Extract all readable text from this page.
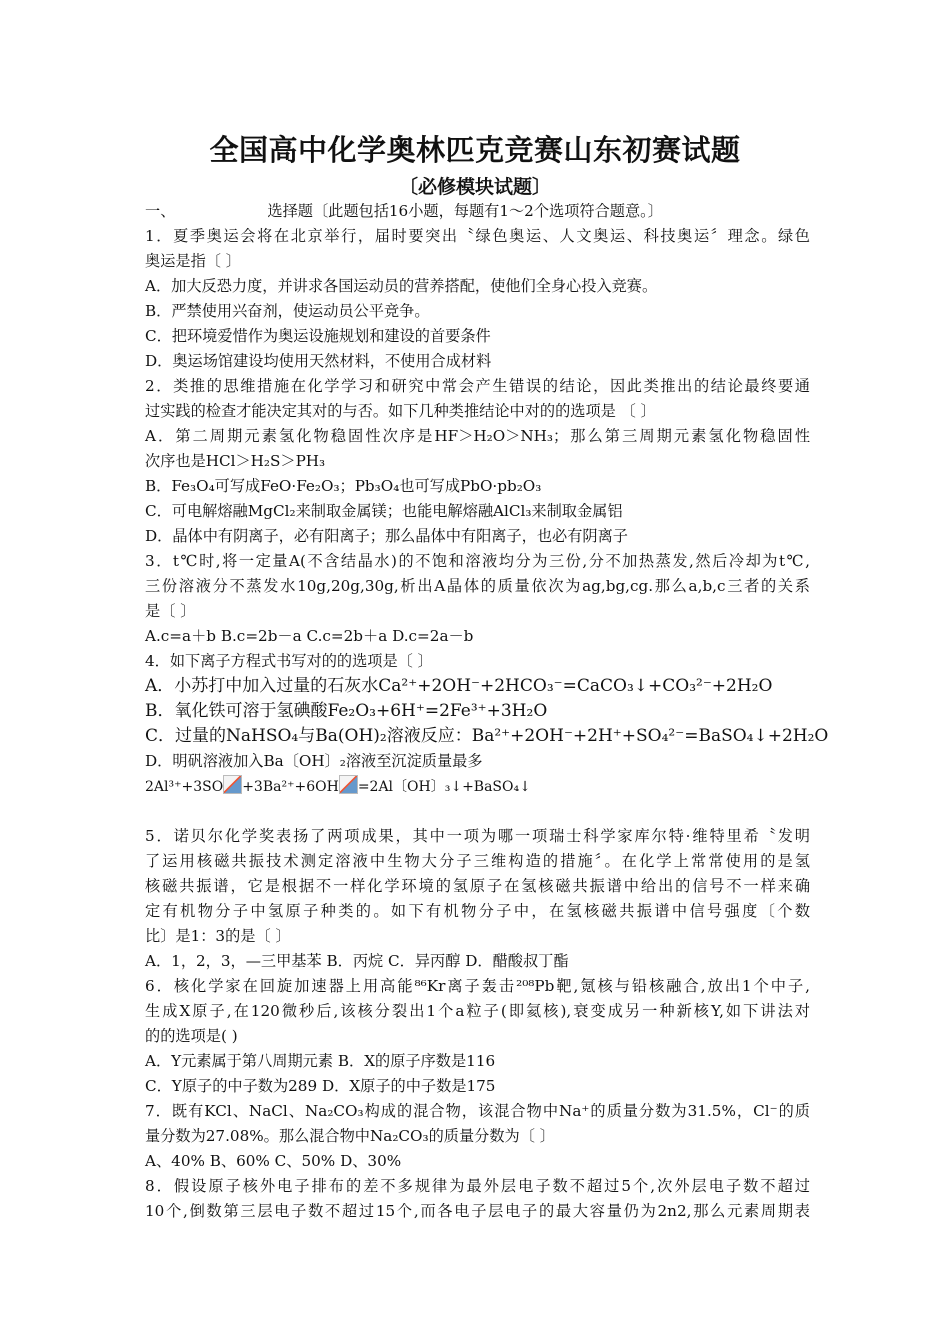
全国高中化学奥林匹克竞赛山东初赛试题
〔必修模块试题〕
一、	选择题〔此题包括16小题，每题有1～2个选项符合题意。〕
1．夏季奥运会将在北京举行，届时要突出〝绿色奥运、人文奥运、科技奥运〞理念。绿色
奥运是指〔 〕
A．加大反恐力度，并讲求各国运动员的营养搭配，使他们全身心投入竞赛。
B．严禁使用兴奋剂，使运动员公平竞争。
C．把环境爱惜作为奥运设施规划和建设的首要条件
D．奥运场馆建设均使用天然材料，不使用合成材料
2．类推的思维措施在化学学习和研究中常会产生错误的结论，因此类推出的结论最终要通
过实践的检查才能决定其对的与否。如下几种类推结论中对的的选项是 〔 〕
A．第二周期元素氢化物稳固性次序是HF＞H₂O＞NH₃；那么第三周期元素氢化物稳固性
次序也是HCl＞H₂S＞PH₃
B．Fe₃O₄可写成FeO·Fe₂O₃；Pb₃O₄也可写成PbO·pb₂O₃
C．可电解熔融MgCl₂来制取金属镁；也能电解熔融AlCl₃来制取金属铝
D．晶体中有阴离子，必有阳离子；那么晶体中有阳离子，也必有阴离子
3．t℃时,将一定量A(不含结晶水)的不饱和溶液均分为三份,分不加热蒸发,然后冷却为t℃,
三份溶液分不蒸发水10g,20g,30g,析出A晶体的质量依次为ag,bg,cg.那么a,b,c三者的关系
是〔 〕
A.c=a＋b B.c=2b－a C.c=2b＋a D.c=2a－b
4．如下离子方程式书写对的的选项是〔 〕
A．小苏打中加入过量的石灰水Ca²⁺+2OH⁻+2HCO₃⁻=CaCO₃↓+CO₃²⁻+2H₂O
B．氧化铁可溶于氢碘酸Fe₂O₃+6H⁺=2Fe³⁺+3H₂O
C．过量的NaHSO₄与Ba(OH)₂溶液反应：Ba²⁺+2OH⁻+2H⁺+SO₄²⁻=BaSO₄↓+2H₂O
D．明矾溶液加入Ba〔OH〕₂溶液至沉淀质量最多
2Al³⁺+3SO +3Ba²⁺+6OH =2Al〔OH〕₃↓+BaSO₄↓
5．诺贝尔化学奖表扬了两项成果，其中一项为哪一项瑞士科学家库尔特·维特里希〝发明
了运用核磁共振技术测定溶液中生物大分子三维构造的措施〞。在化学上常常使用的是氢
核磁共振谱，它是根据不一样化学环境的氢原子在氢核磁共振谱中给出的信号不一样来确
定有机物分子中氢原子种类的。如下有机物分子中，在氢核磁共振谱中信号强度〔个数
比〕是1：3的是〔 〕
A．1，2，3，—三甲基苯 B．丙烷 C．异丙醇 D．醋酸叔丁酯
6．核化学家在回旋加速器上用高能⁸⁶Kr离子轰击²⁰⁸Pb靶,氪核与铅核融合,放出1个中子,
生成X原子,在120微秒后,该核分裂出1个a粒子(即氦核),衰变成另一种新核Y,如下讲法对
的的选项是( )
A．Y元素属于第八周期元素 B．X的原子序数是116
C．Y原子的中子数为289 D．X原子的中子数是175
7．既有KCl、NaCl、Na₂CO₃构成的混合物，该混合物中Na⁺的质量分数为31.5%，Cl⁻的质
量分数为27.08%。那么混合物中Na₂CO₃的质量分数为〔 〕
A、40% B、60% C、50% D、30%
8．假设原子核外电子排布的差不多规律为最外层电子数不超过5个,次外层电子数不超过
10个,倒数第三层电子数不超过15个,而各电子层电子的最大容量仍为2n2,那么元素周期表
